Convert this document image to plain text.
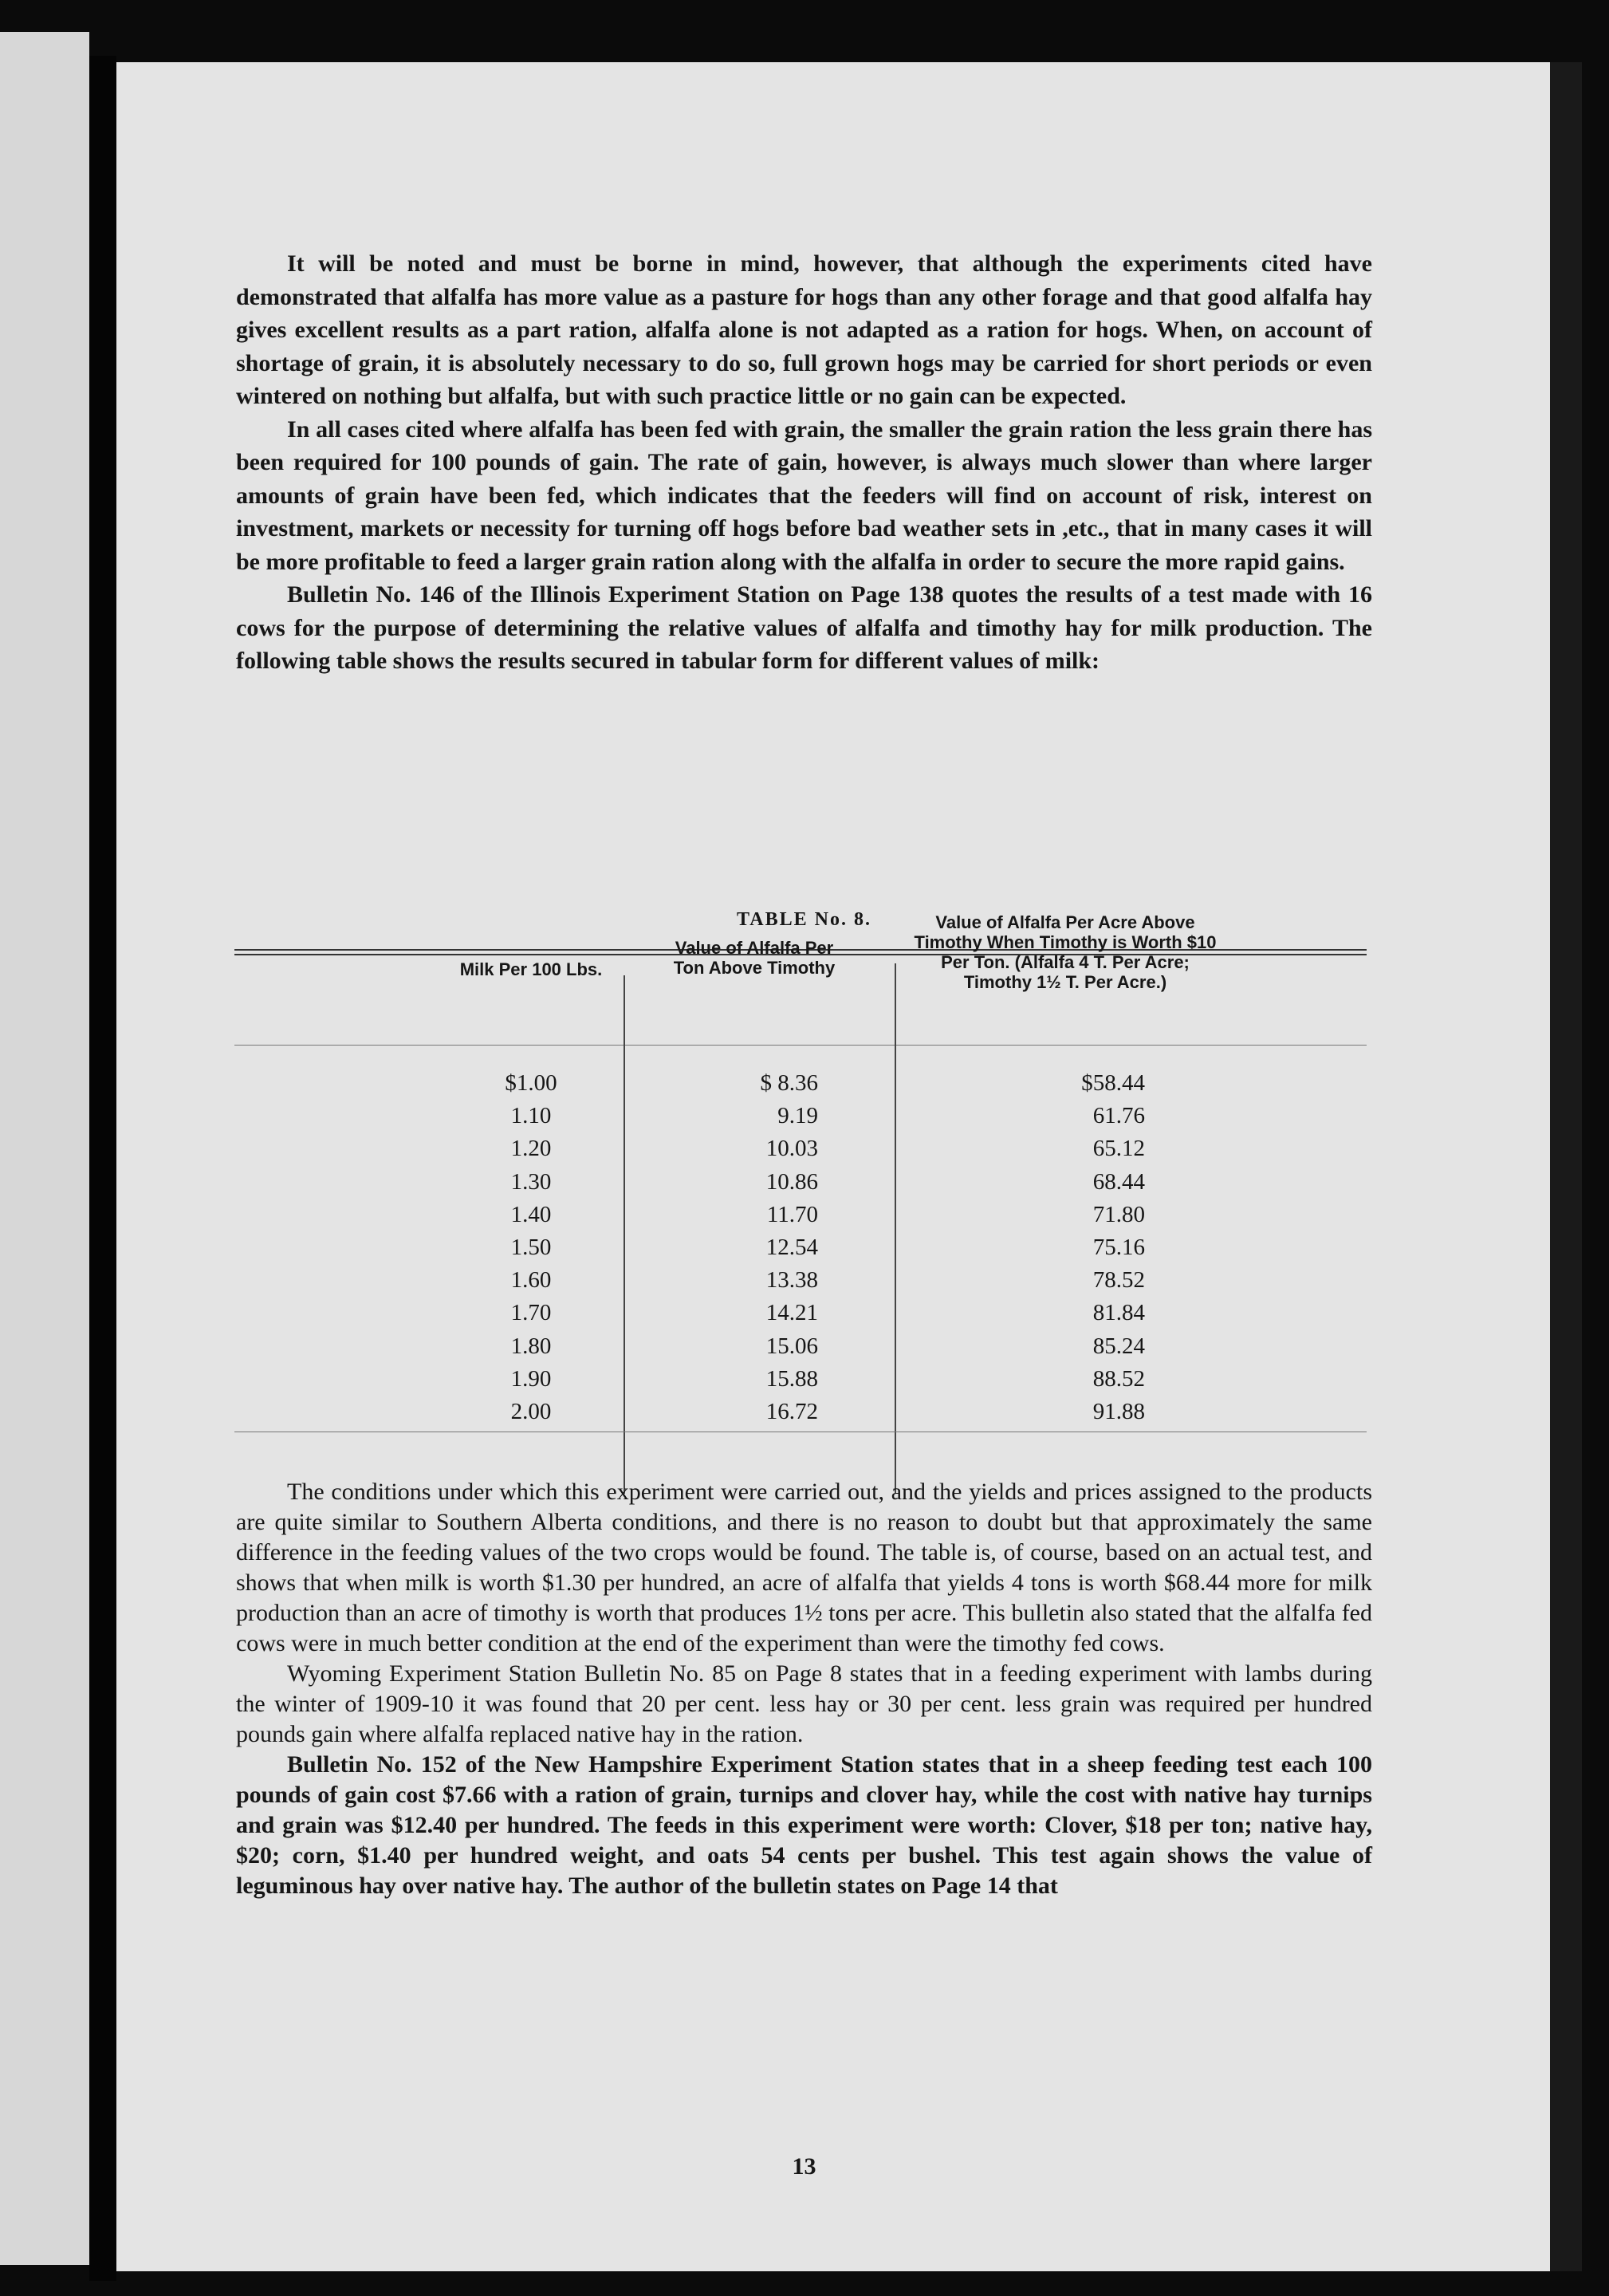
It will be noted and must be borne in mind, however, that although the experiments cited have demonstrated that alfalfa has more value as a pasture for hogs than any other forage and that good alfalfa hay gives excellent results as a part ration, alfalfa alone is not adapted as a ration for hogs. When, on account of shortage of grain, it is absolutely necessary to do so, full grown hogs may be carried for short periods or even wintered on nothing but alfalfa, but with such practice little or no gain can be expected.

In all cases cited where alfalfa has been fed with grain, the smaller the grain ration the less grain there has been required for 100 pounds of gain. The rate of gain, however, is always much slower than where larger amounts of grain have been fed, which indicates that the feeders will find on account of risk, interest on investment, markets or necessity for turning off hogs before bad weather sets in ,etc., that in many cases it will be more profitable to feed a larger grain ration along with the alfalfa in order to secure the more rapid gains.

Bulletin No. 146 of the Illinois Experiment Station on Page 138 quotes the results of a test made with 16 cows for the purpose of determining the relative values of alfalfa and timothy hay for milk production. The following table shows the results secured in tabular form for different values of milk:

TABLE No. 8.
Milk Per 100 Lbs.
Value of Alfalfa Per Ton Above Timothy
Value of Alfalfa Per Acre Above Timothy When Timothy is Worth $10 Per Ton. (Alfalfa 4 T. Per Acre; Timothy 1½ T. Per Acre.)
$1.00
1.10
1.20
1.30
1.40
1.50
1.60
1.70
1.80
1.90
2.00
$ 8.36
9.19
10.03
10.86
11.70
12.54
13.38
14.21
15.06
15.88
16.72
$58.44
61.76
65.12
68.44
71.80
75.16
78.52
81.84
85.24
88.52
91.88

The conditions under which this experiment were carried out, and the yields and prices assigned to the products are quite similar to Southern Alberta conditions, and there is no reason to doubt but that approximately the same difference in the feeding values of the two crops would be found. The table is, of course, based on an actual test, and shows that when milk is worth $1.30 per hundred, an acre of alfalfa that yields 4 tons is worth $68.44 more for milk production than an acre of timothy is worth that produces 1½ tons per acre. This bulletin also stated that the alfalfa fed cows were in much better condition at the end of the experiment than were the timothy fed cows.

Wyoming Experiment Station Bulletin No. 85 on Page 8 states that in a feeding experiment with lambs during the winter of 1909-10 it was found that 20 per cent. less hay or 30 per cent. less grain was required per hundred pounds gain where alfalfa replaced native hay in the ration.

Bulletin No. 152 of the New Hampshire Experiment Station states that in a sheep feeding test each 100 pounds of gain cost $7.66 with a ration of grain, turnips and clover hay, while the cost with native hay turnips and grain was $12.40 per hundred. The feeds in this experiment were worth: Clover, $18 per ton; native hay, $20; corn, $1.40 per hundred weight, and oats 54 cents per bushel. This test again shows the value of leguminous hay over native hay. The author of the bulletin states on Page 14 that

13
